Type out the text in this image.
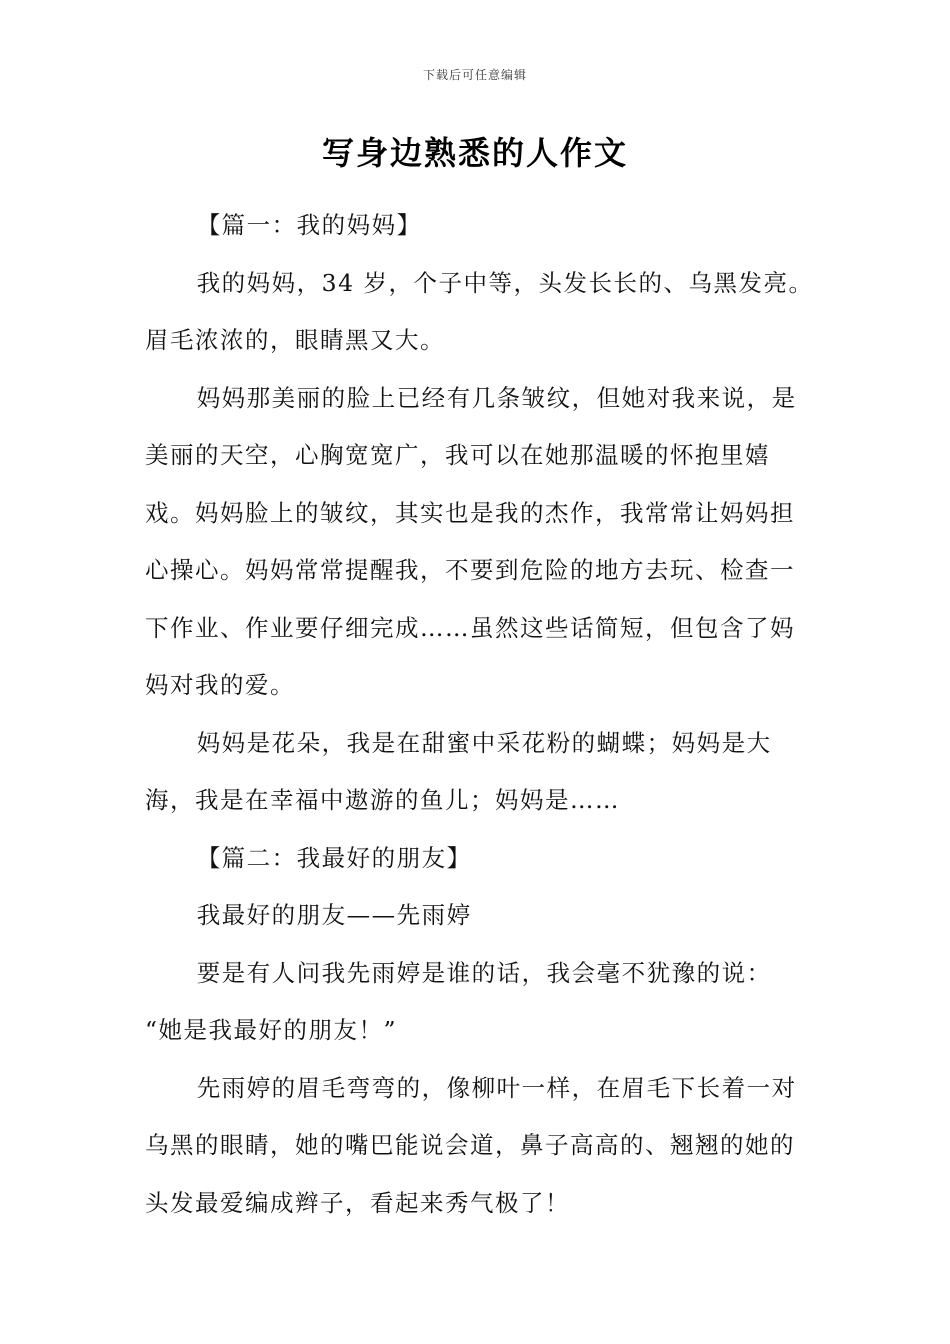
下载后可任意编辑
写身边熟悉的人作文

【篇一：我的妈妈】

我的妈妈，34 岁，个子中等，头发长长的、乌黑发亮。眉毛浓浓的，眼睛黑又大。

妈妈那美丽的脸上已经有几条皱纹，但她对我来说，是美丽的天空，心胸宽宽广，我可以在她那温暖的怀抱里嬉戏。妈妈脸上的皱纹，其实也是我的杰作，我常常让妈妈担心操心。妈妈常常提醒我，不要到危险的地方去玩、检查一下作业、作业要仔细完成……虽然这些话简短，但包含了妈妈对我的爱。

妈妈是花朵，我是在甜蜜中采花粉的蝴蝶；妈妈是大海，我是在幸福中遨游的鱼儿；妈妈是……

【篇二：我最好的朋友】

我最好的朋友——先雨婷

要是有人问我先雨婷是谁的话，我会毫不犹豫的说：

“她是我最好的朋友！”

先雨婷的眉毛弯弯的，像柳叶一样，在眉毛下长着一对乌黑的眼睛，她的嘴巴能说会道，鼻子高高的、翘翘的她的头发最爱编成辫子，看起来秀气极了！
